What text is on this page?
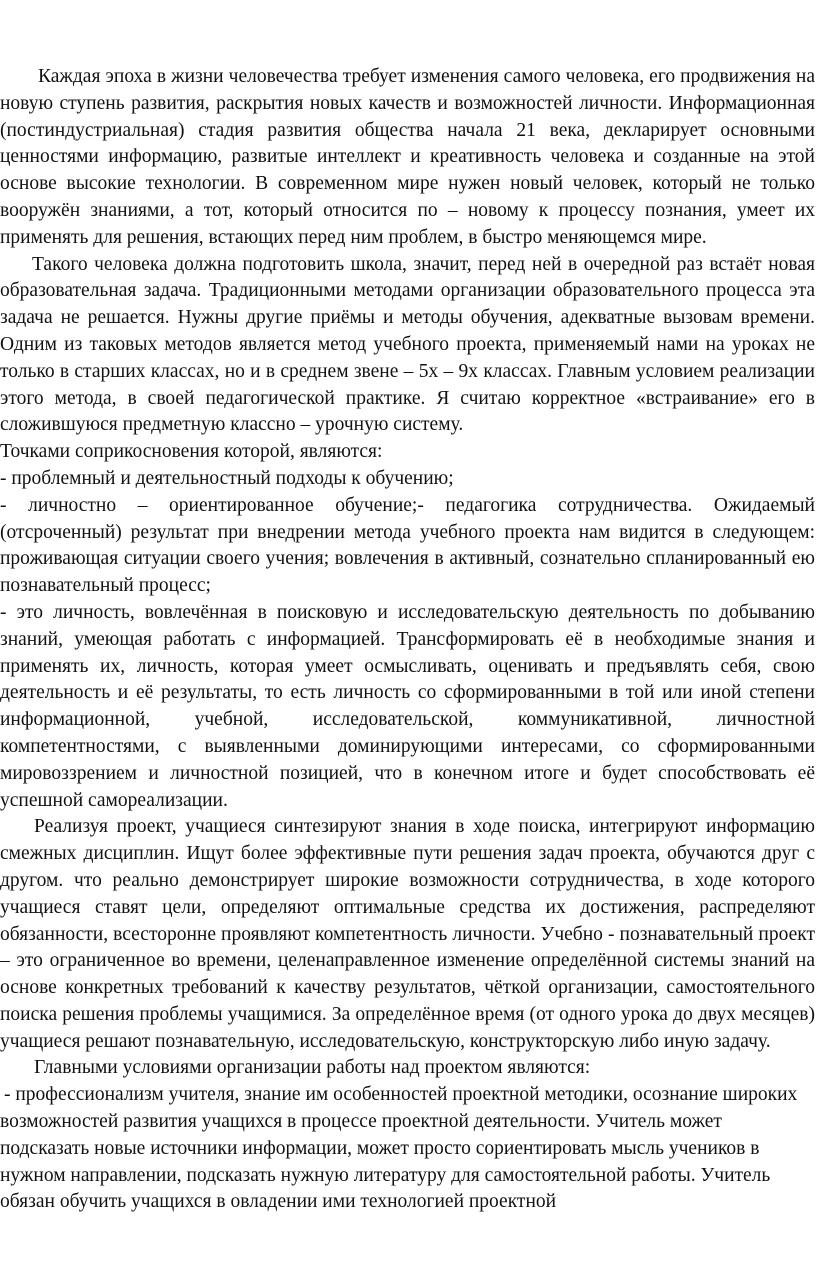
Каждая эпоха в жизни человечества требует изменения самого человека, его продвижения на новую ступень развития, раскрытия новых качеств и возможностей личности. Информационная (постиндустриальная) стадия развития общества начала 21 века, декларирует основными ценностями информацию, развитые интеллект и креативность человека и созданные на этой основе высокие технологии. В современном мире нужен новый человек, который не только вооружён знаниями, а тот, который относится по – новому к процессу познания, умеет их применять для решения, встающих перед ним проблем, в быстро меняющемся мире.

Такого человека должна подготовить школа, значит, перед ней в очередной раз встаёт новая образовательная задача. Традиционными методами организации образовательного процесса эта задача не решается. Нужны другие приёмы и методы обучения, адекватные вызовам времени. Одним из таковых методов является метод учебного проекта, применяемый нами на уроках не только в старших классах, но и в среднем звене – 5х – 9х классах. Главным условием реализации этого метода, в своей педагогической практике. Я считаю корректное «встраивание» его в сложившуюся предметную классно – урочную систему.

Точками соприкосновения которой, являются:

- проблемный и деятельностный подходы к обучению;

- личностно – ориентированное обучение;- педагогика сотрудничества. Ожидаемый (отсроченный) результат при внедрении метода учебного проекта нам видится в следующем: проживающая ситуации своего учения; вовлечения в активный, сознательно спланированный ею познавательный процесс;

- это личность, вовлечённая в поисковую и исследовательскую деятельность по добыванию знаний, умеющая работать с информацией. Трансформировать её в необходимые знания и применять их, личность, которая умеет осмысливать, оценивать и предъявлять себя, свою деятельность и её результаты, то есть личность со сформированными в той или иной степени информационной, учебной, исследовательской, коммуникативной, личностной компетентностями, с выявленными доминирующими интересами, со сформированными мировоззрением и личностной позицией, что в конечном итоге и будет способствовать её успешной самореализации.

Реализуя проект, учащиеся синтезируют знания в ходе поиска, интегрируют информацию смежных дисциплин. Ищут более эффективные пути решения задач проекта, обучаются друг с другом. что реально демонстрирует широкие возможности сотрудничества, в ходе которого учащиеся ставят цели, определяют оптимальные средства их достижения, распределяют обязанности, всесторонне проявляют компетентность личности. Учебно - познавательный проект – это ограниченное во времени, целенаправленное изменение определённой системы знаний на основе конкретных требований к качеству результатов, чёткой организации, самостоятельного поиска решения проблемы учащимися. За определённое время (от одного урока до двух месяцев) учащиеся решают познавательную, исследовательскую, конструкторскую либо иную задачу.

Главными условиями организации работы над проектом являются:

- профессионализм учителя, знание им особенностей проектной методики, осознание широких возможностей развития учащихся в процессе проектной деятельности. Учитель может подсказать новые источники информации, может просто сориентировать мысль учеников в нужном направлении, подсказать нужную литературу для самостоятельной работы. Учитель обязан обучить учащихся в овладении ими технологией проектной
